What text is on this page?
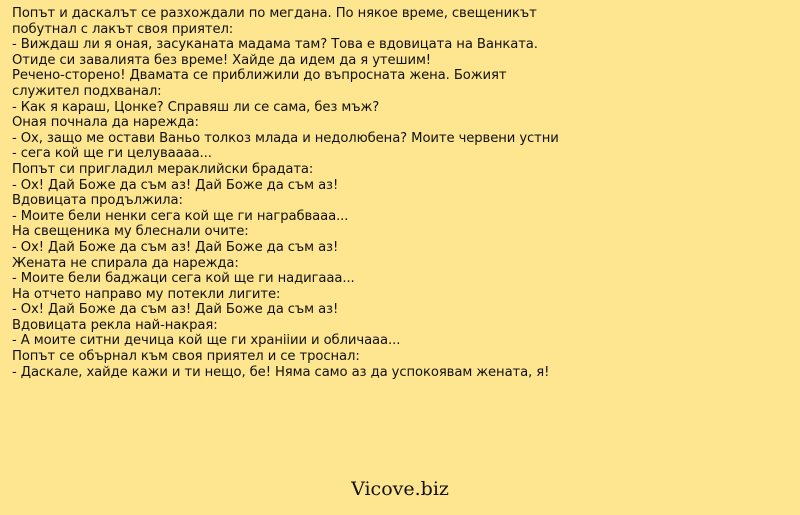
Попът и даскалът се разхождали по мегдана. По някое време, свещеникът
побутнал с лакът своя приятел:
- Виждаш ли я оная, засуканата мадама там? Това е вдовицата на Ванката.
Отиде си завалията без време! Хайде да идем да я утешим!
Речено-сторено! Двамата се приближили до въпросната жена. Божият
служител подхванал:
- Как я караш, Цонке? Справяш ли се сама, без мъж?
Оная почнала да нарежда:
- Ох, защо ме остави Ваньо толкоз млада и недолюбена? Моите червени устни
- сега кой ще ги целуваааа...
Попът си пригладил мераклийски брадата:
- Ох! Дай Боже да съм аз! Дай Боже да съм аз!
Вдовицата продължила:
- Моите бели ненки сега кой ще ги награбвааа...
На свещеника му блеснали очите:
- Ох! Дай Боже да съм аз! Дай Боже да съм аз!
Жената не спирала да нарежда:
- Моите бели баджаци сега кой ще ги надигааа...
На отчето направо му потекли лигите:
- Ох! Дай Боже да съм аз! Дай Боже да съм аз!
Вдовицата рекла най-накрая:
- А моите ситни дечица кой ще ги хранiiии и обличааа...
Попът се обърнал към своя приятел и се троснал:
- Даскале, хайде кажи и ти нещо, бе! Няма само аз да успокоявам жената, я!
Vicove.biz
